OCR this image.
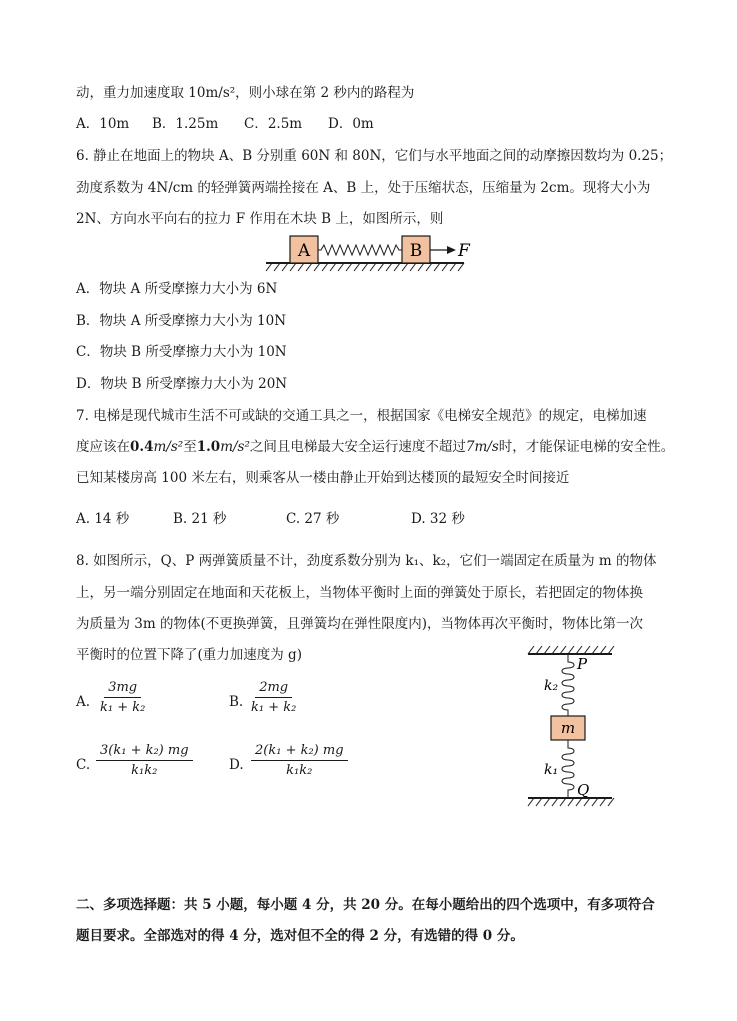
动，重力加速度取 10m/s²，则小球在第 2 秒内的路程为
A．10m B．1.25m C．2.5m D．0m
6. 静止在地面上的物块 A、B 分别重 60N 和 80N，它们与水平地面之间的动摩擦因数均为 0.25；
劲度系数为 4N/cm 的轻弹簧两端拴接在 A、B 上，处于压缩状态，压缩量为 2cm。现将大小为
2N、方向水平向右的拉力 F 作用在木块 B 上，如图所示，则
A	B F
A．物块 A 所受摩擦力大小为 6N
B．物块 A 所受摩擦力大小为 10N
C．物块 B 所受摩擦力大小为 10N
D．物块 B 所受摩擦力大小为 20N
7. 电梯是现代城市生活不可或缺的交通工具之一，根据国家《电梯安全规范》的规定，电梯加速
度应该在0.4m/s²至1.0m/s²之间且电梯最大安全运行速度不超过7m/s时，才能保证电梯的安全性。
已知某楼房高 100 米左右，则乘客从一楼由静止开始到达楼顶的最短安全时间接近
A. 14 秒	B. 21 秒	C. 27 秒	D. 32 秒
8. 如图所示，Q、P 两弹簧质量不计，劲度系数分别为 k₁、k₂，它们一端固定在质量为 m 的物体
上，另一端分别固定在地面和天花板上，当物体平衡时上面的弹簧处于原长，若把固定的物体换
为质量为 3m 的物体(不更换弹簧，且弹簧均在弹性限度内)，当物体再次平衡时，物体比第一次
平衡时的位置下降了(重力加速度为 g)
A. $\frac{3mg}{\text{k₁ + k₂}}$	B. $\frac{2mg}{\text{k₁ + k₂}}$
C. $\frac{\text{3(k₁ + k₂) mg}}{\text{k₁k₂}}$	D. $\frac{\text{2(k₁ + k₂) mg}}{\text{k₁k₂}}$
P
k₂
m
k₁
Q
二、多项选择题：共 5 小题，每小题 4 分，共 20 分。在每小题给出的四个选项中，有多项符合
题目要求。全部选对的得 4 分，选对但不全的得 2 分，有选错的得 0 分。
